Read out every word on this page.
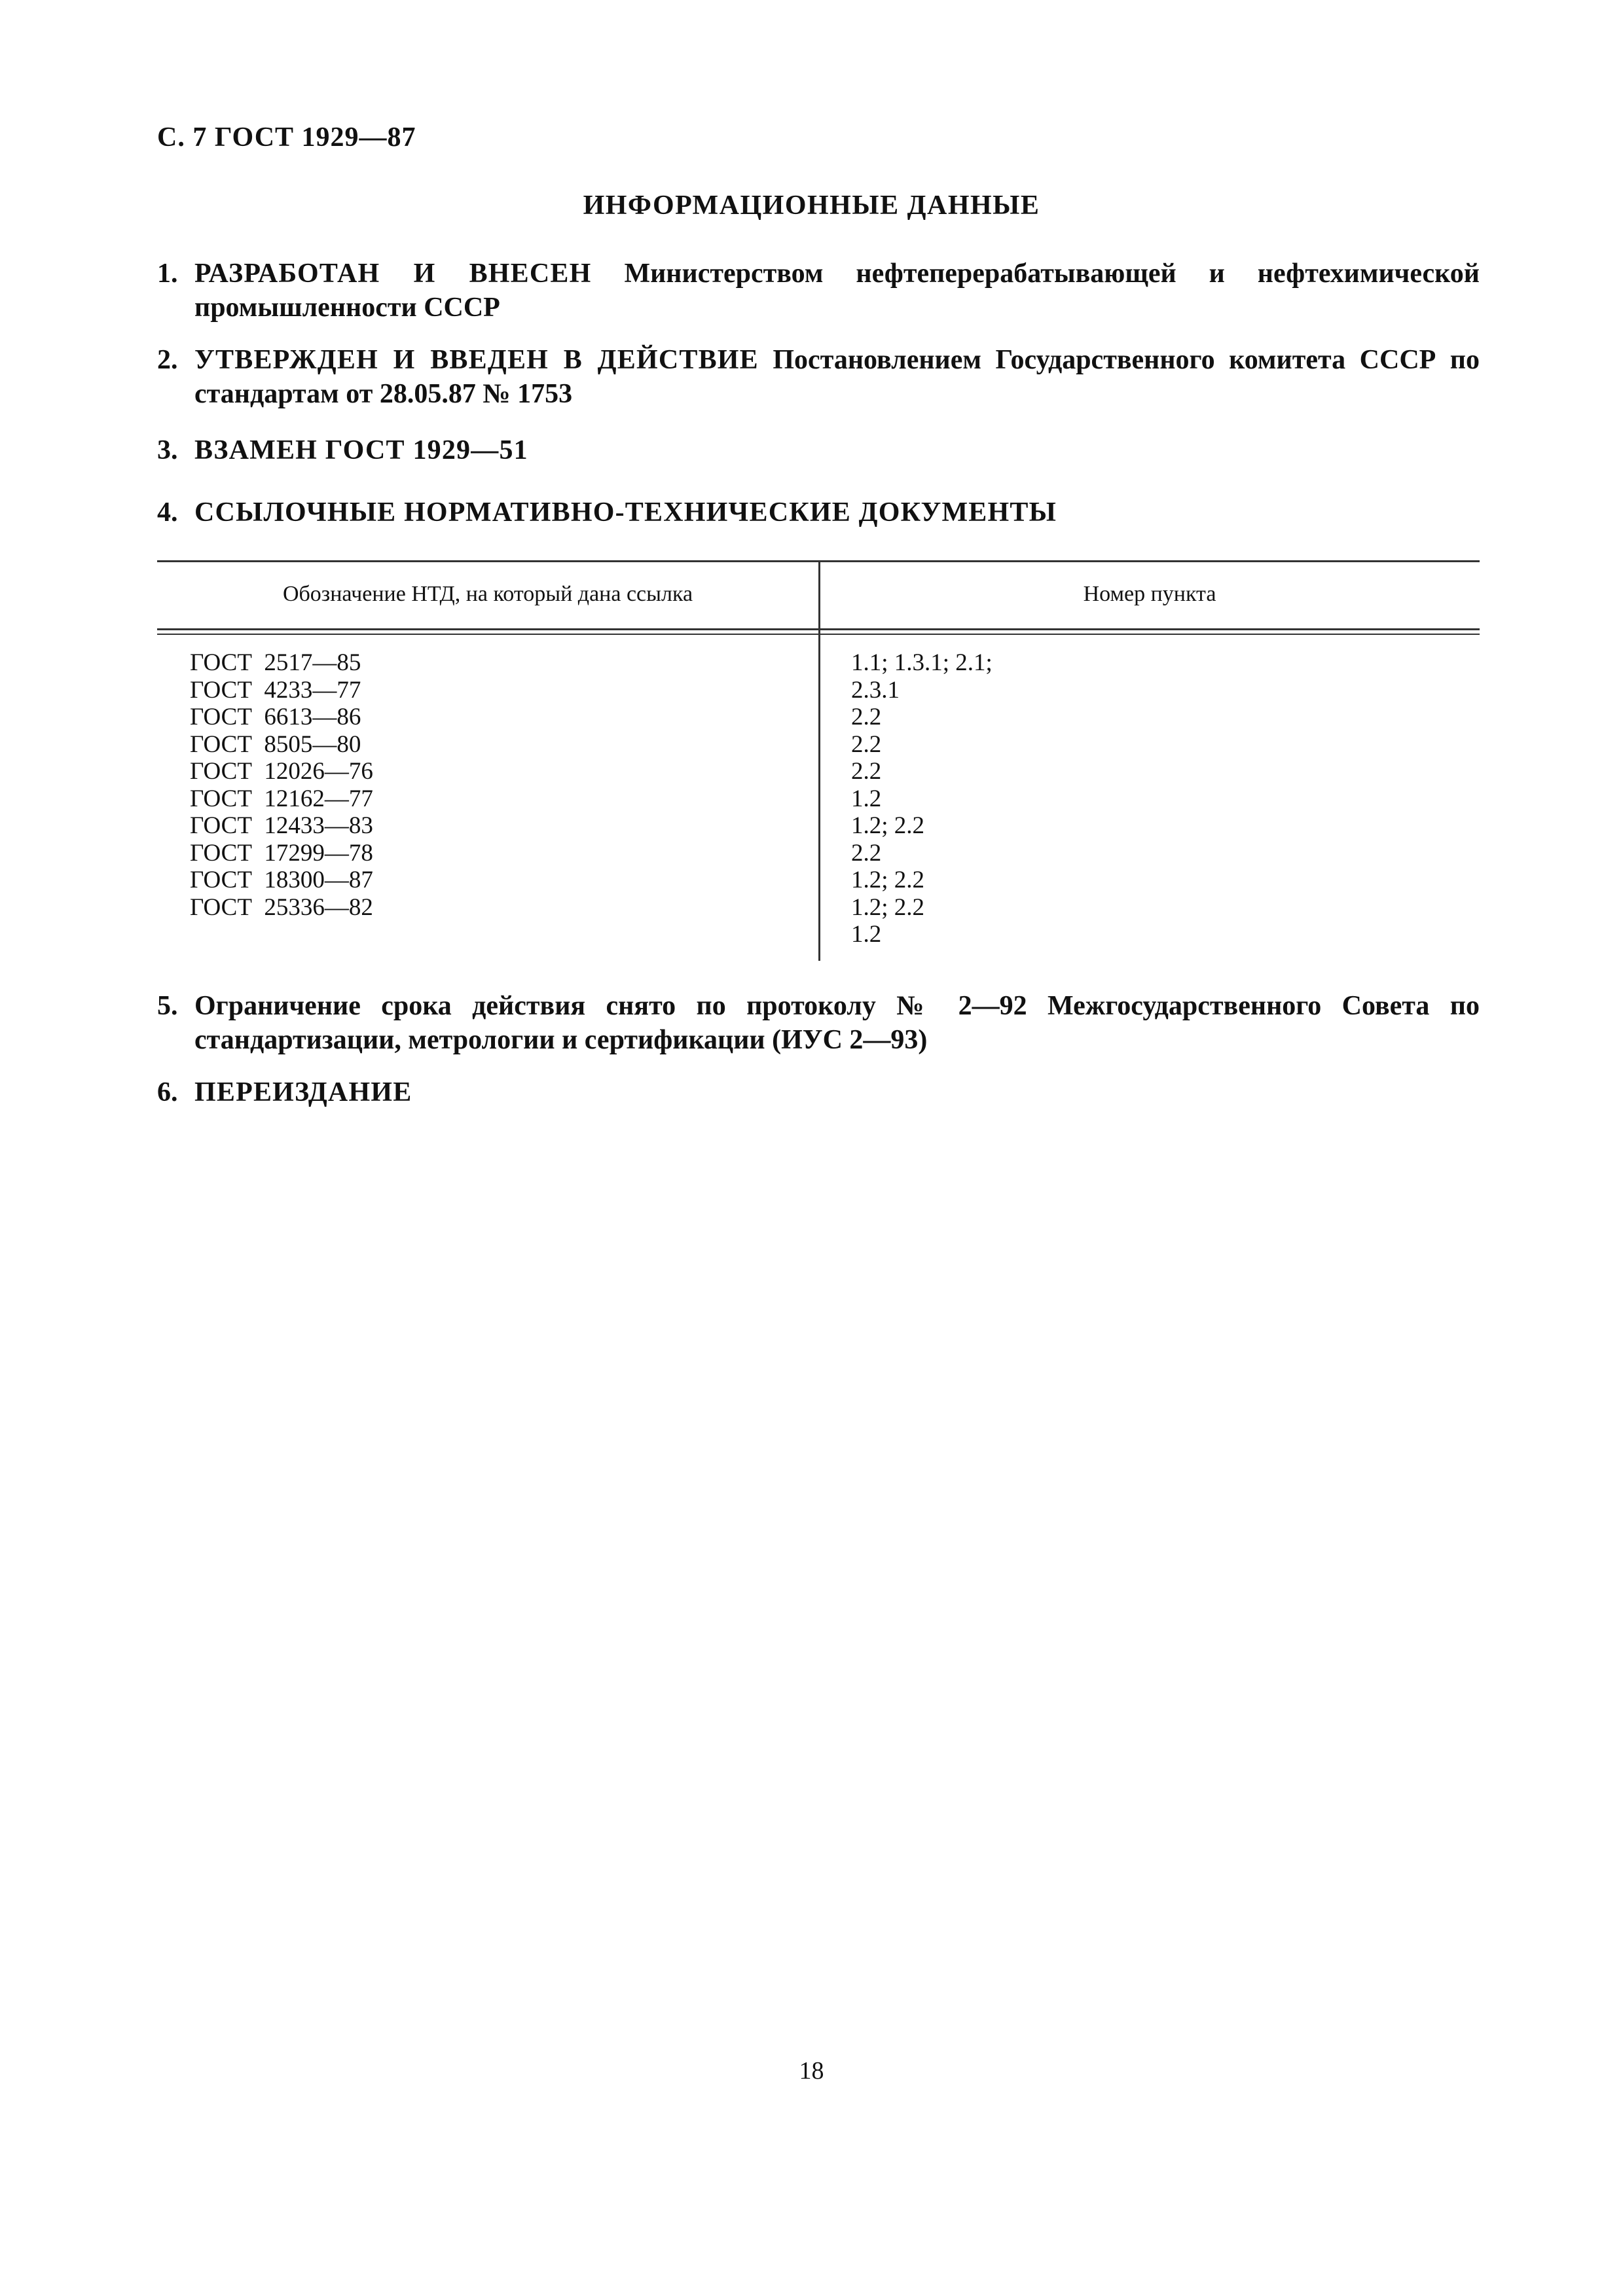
С. 7 ГОСТ 1929—87
ИНФОРМАЦИОННЫЕ ДАННЫЕ
1. РАЗРАБОТАН И ВНЕСЕН Министерством нефтеперерабатывающей и нефтехимической промышленности СССР
2. УТВЕРЖДЕН И ВВЕДЕН В ДЕЙСТВИЕ Постановлением Государственного комитета СССР по стандартам от 28.05.87 № 1753
3. ВЗАМЕН ГОСТ 1929—51
4. ССЫЛОЧНЫЕ НОРМАТИВНО-ТЕХНИЧЕСКИЕ ДОКУМЕНТЫ
Обозначение НТД, на который дана ссылка	Номер пункта
ГОСТ  2517—85
ГОСТ  4233—77
ГОСТ  6613—86
ГОСТ  8505—80
ГОСТ  12026—76
ГОСТ  12162—77
ГОСТ  12433—83
ГОСТ  17299—78
ГОСТ  18300—87
ГОСТ  25336—82
1.1; 1.3.1; 2.1;
2.3.1
2.2
2.2
2.2
1.2
1.2; 2.2
2.2
1.2; 2.2
1.2; 2.2
1.2
5. Ограничение срока действия снято по протоколу № 2—92 Межгосударственного Совета по стандартизации, метрологии и сертификации (ИУС 2—93)
6. ПЕРЕИЗДАНИЕ
18
